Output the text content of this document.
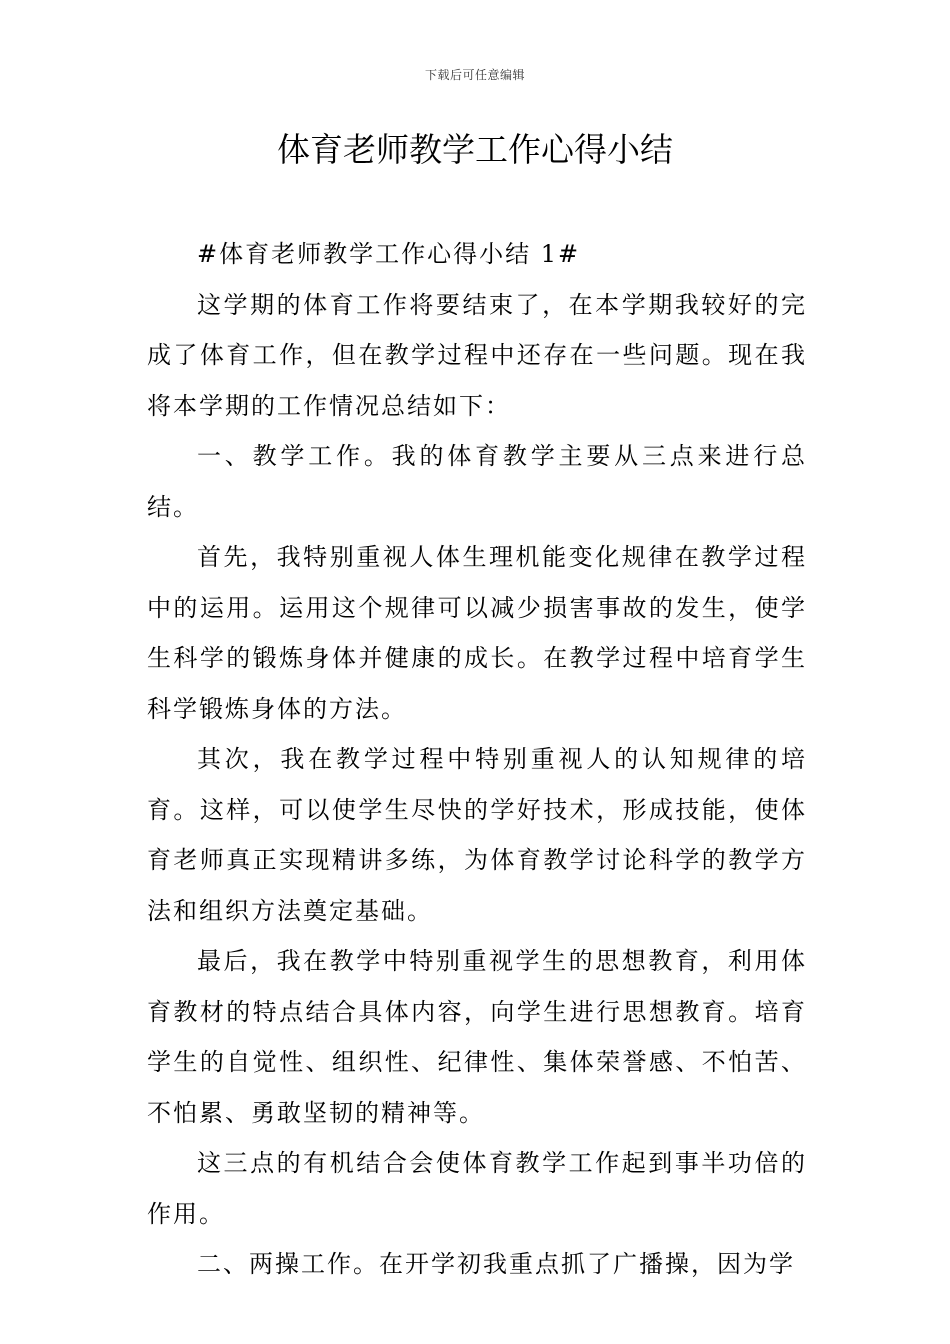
下载后可任意编辑
体育老师教学工作心得小结

#体育老师教学工作心得小结 1#

这学期的体育工作将要结束了，在本学期我较好的完成了体育工作，但在教学过程中还存在一些问题。现在我将本学期的工作情况总结如下：

一、教学工作。我的体育教学主要从三点来进行总结。

首先，我特别重视人体生理机能变化规律在教学过程中的运用。运用这个规律可以减少损害事故的发生，使学生科学的锻炼身体并健康的成长。在教学过程中培育学生科学锻炼身体的方法。

其次，我在教学过程中特别重视人的认知规律的培育。这样，可以使学生尽快的学好技术，形成技能，使体育老师真正实现精讲多练，为体育教学讨论科学的教学方法和组织方法奠定基础。

最后，我在教学中特别重视学生的思想教育，利用体育教材的特点结合具体内容，向学生进行思想教育。培育学生的自觉性、组织性、纪律性、集体荣誉感、不怕苦、不怕累、勇敢坚韧的精神等。

这三点的有机结合会使体育教学工作起到事半功倍的作用。

二、两操工作。在开学初我重点抓了广播操，因为学
